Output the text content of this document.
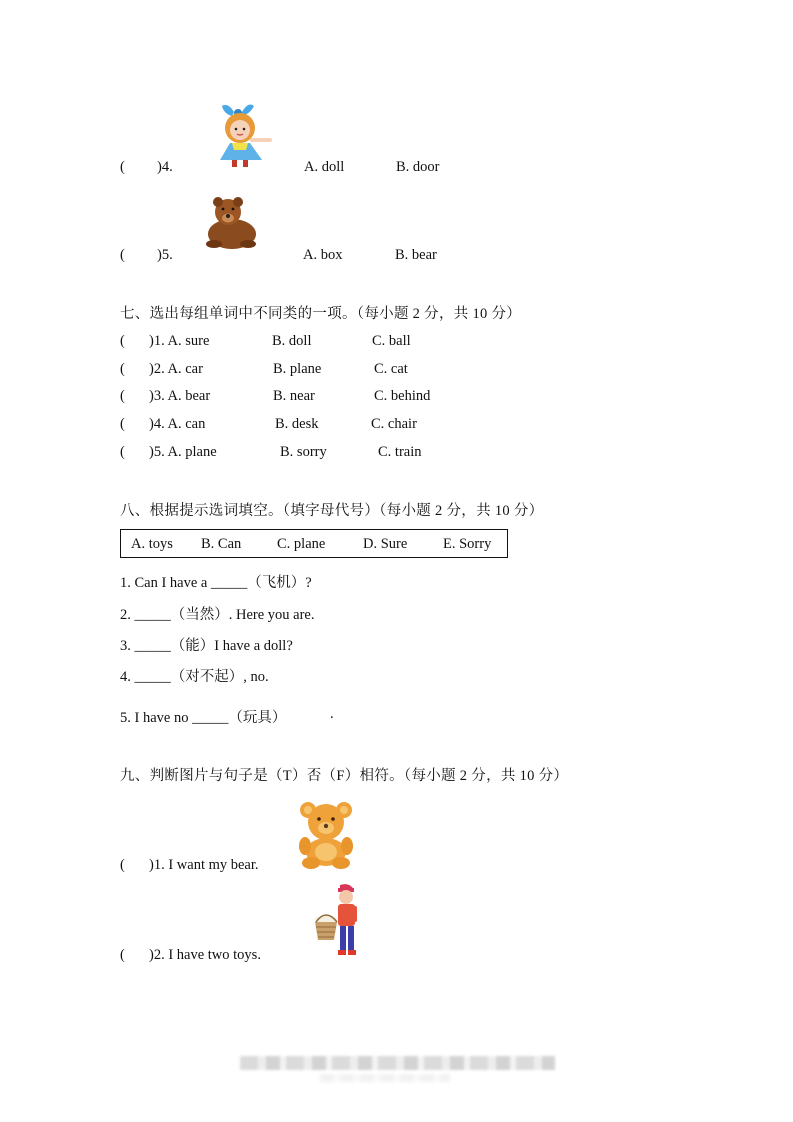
( )4.	A. doll	B. door
( )5.	A. box	B. bear
七、选出每组单词中不同类的一项。（每小题 2 分，共 10 分）
( )1. A. sure	B. doll	C. ball
( )2. A. car	B. plane	C. cat
( )3. A. bear	B. near	C. behind
( )4. A. can	B. desk	C. chair
( )5. A. plane	B. sorry	C. train
八、根据提示选词填空。（填字母代号）（每小题 2 分，共 10 分）
A. toys B. Can C. plane	D. Sure E. Sorry
1. Can I have a _____（飞机）?
2. _____（当然）. Here you are.
3. _____（能）I have a doll?
4. _____（对不起）, no.
5. I have no _____（玩具）	.
九、判断图片与句子是（T）否（F）相符。（每小题 2 分，共 10 分）
( )1. I want my bear.
( )2. I have two toys.
